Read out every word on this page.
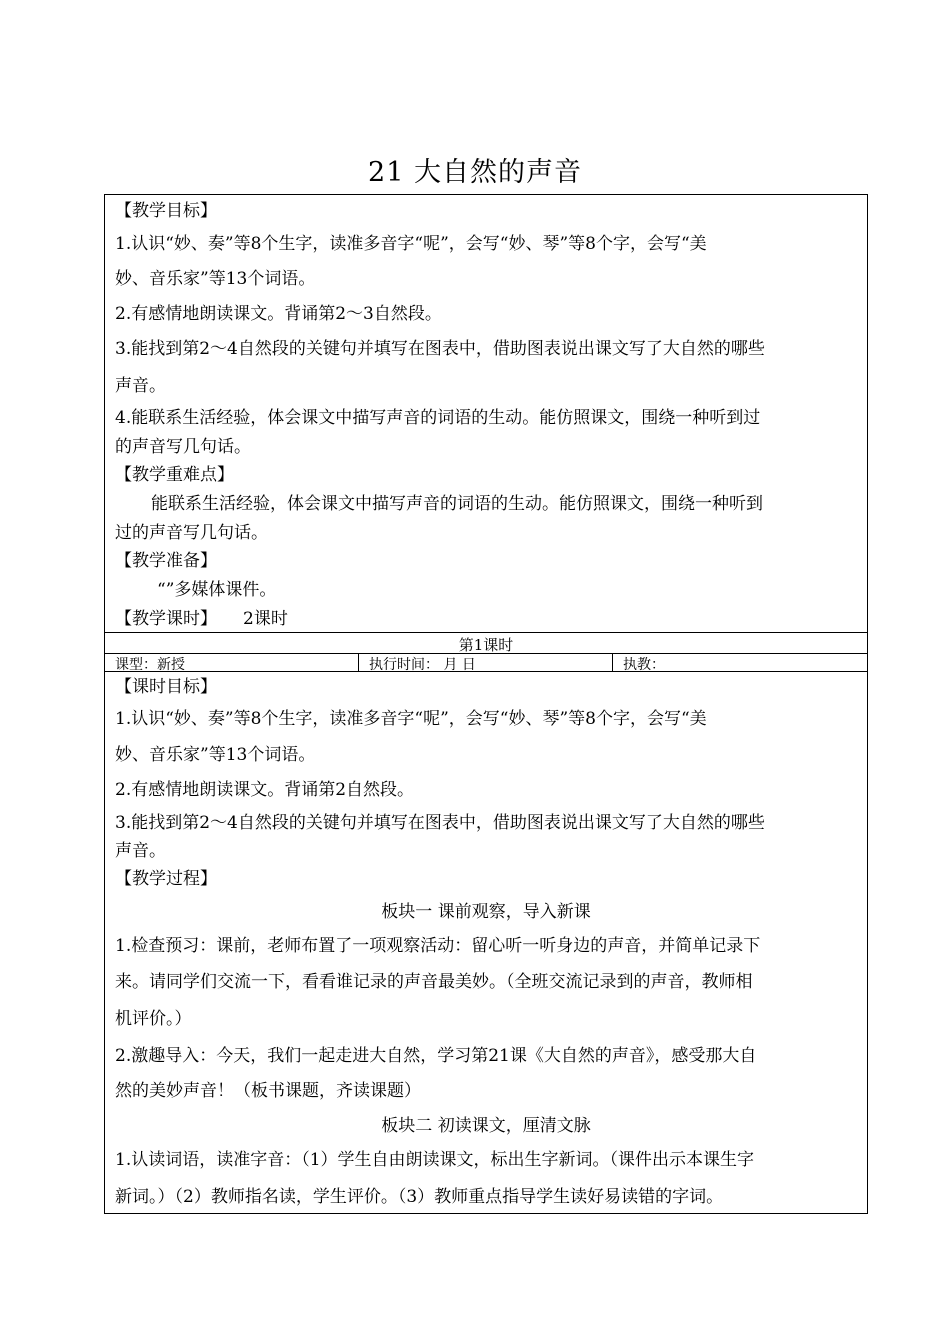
21 大自然的声音
【教学目标】
1.认识“妙、奏”等8个生字，读准多音字“呢”，会写“妙、琴”等8个字，会写“美
妙、音乐家”等13个词语。
2.有感情地朗读课文。背诵第2～3自然段。
3.能找到第2～4自然段的关键句并填写在图表中，借助图表说出课文写了大自然的哪些
声音。
4.能联系生活经验，体会课文中描写声音的词语的生动。能仿照课文，围绕一种听到过
的声音写几句话。
【教学重难点】
能联系生活经验，体会课文中描写声音的词语的生动。能仿照课文，围绕一种听到
过的声音写几句话。
【教学准备】
“”多媒体课件。
【教学课时】 2课时
第1课时
课型：新授	执行时间： 月 日	执教：
【课时目标】
1.认识“妙、奏”等8个生字，读准多音字“呢”，会写“妙、琴”等8个字，会写“美
妙、音乐家”等13个词语。
2.有感情地朗读课文。背诵第2自然段。
3.能找到第2～4自然段的关键句并填写在图表中，借助图表说出课文写了大自然的哪些
声音。
【教学过程】
板块一 课前观察，导入新课
1.检查预习：课前，老师布置了一项观察活动：留心听一听身边的声音，并简单记录下
来。请同学们交流一下，看看谁记录的声音最美妙。（全班交流记录到的声音，教师相
机评价。）
2.激趣导入：今天，我们一起走进大自然，学习第21课《大自然的声音》，感受那大自
然的美妙声音！（板书课题，齐读课题）
板块二 初读课文，厘清文脉
1.认读词语，读准字音：（1）学生自由朗读课文，标出生字新词。（课件出示本课生字
新词。）（2）教师指名读，学生评价。（3）教师重点指导学生读好易读错的字词。
